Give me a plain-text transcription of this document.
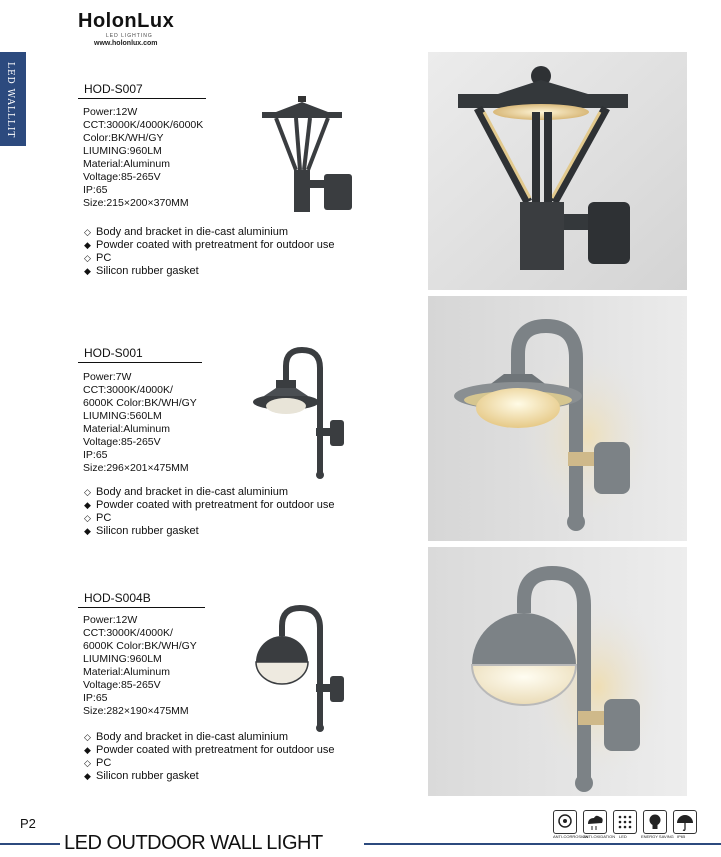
HolonLux
LED LIGHTING
www.holonlux.com
LED WALLLIT	HOD-S007
Power:12W
CCT:3000K/4000K/6000K
Color:BK/WH/GY
LIUMING:960LM
Material:Aluminum
Voltage:85-265V
IP:65
Size:215×200×370MM
◇ Body and bracket in die-cast aluminium
◆ Powder coated with pretreatment for outdoor use
◇ PC
◆ Silicon rubber gasket
HOD-S001
Power:7W
CCT:3000K/4000K/
6000K Color:BK/WH/GY
LIUMING:560LM
Material:Aluminum
Voltage:85-265V
IP:65
Size:296×201×475MM
◇ Body and bracket in die-cast aluminium
◆ Powder coated with pretreatment for outdoor use
◇ PC
◆ Silicon rubber gasket
HOD-S004B
Power:12W
CCT:3000K/4000K/
6000K Color:BK/WH/GY
LIUMING:960LM
Material:Aluminum
Voltage:85-265V
IP:65
Size:282×190×475MM
◇ Body and bracket in die-cast aluminium
◆ Powder coated with pretreatment for outdoor use
◇ PC
◆ Silicon rubber gasket
P2
LED OUTDOOR WALL LIGHT	ANTI-CORROSION
ANTI-OXIDATION LED	ENERGY SAVING IP65
